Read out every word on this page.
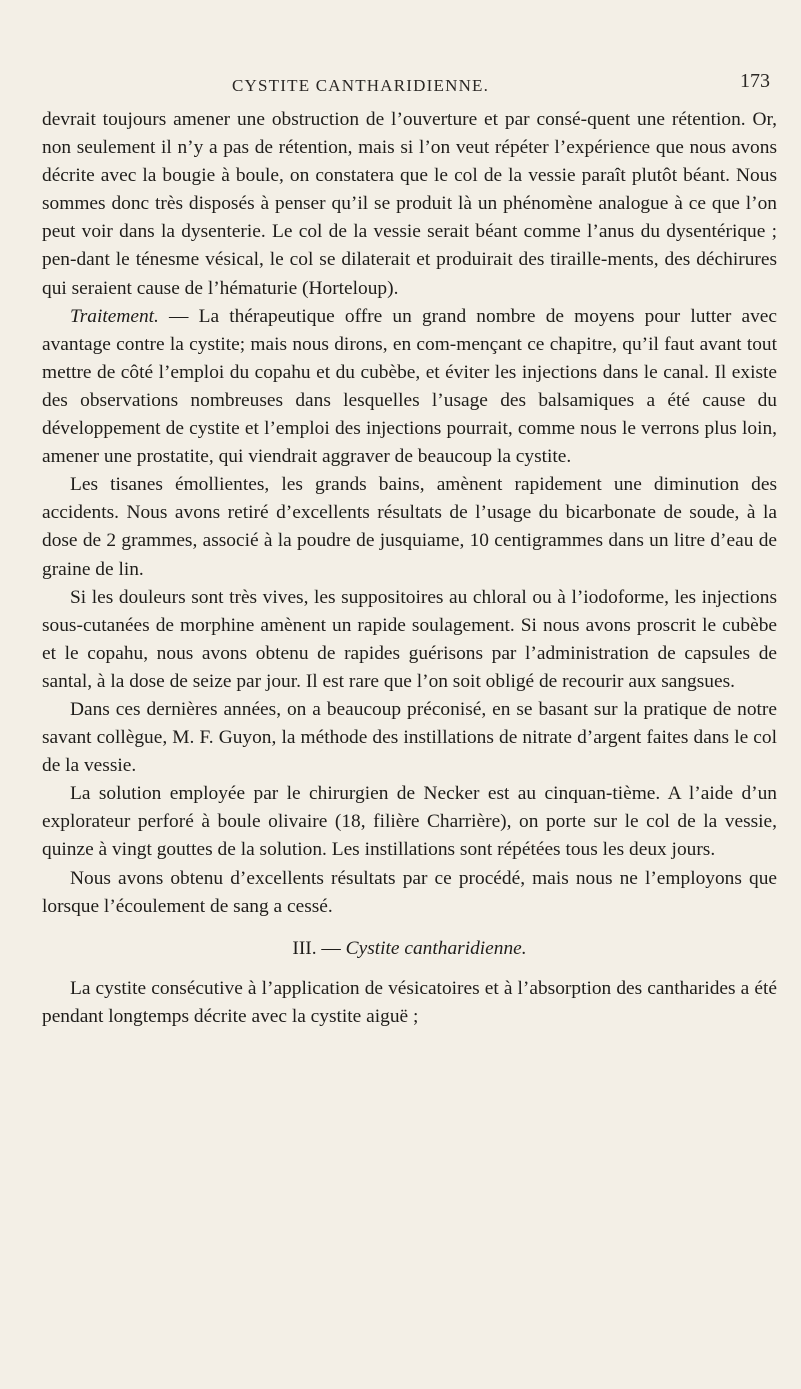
CYSTITE CANTHARIDIENNE.	173

devrait toujours amener une obstruction de l’ouverture et par consé-quent une rétention. Or, non seulement il n’y a pas de rétention, mais si l’on veut répéter l’expérience que nous avons décrite avec la bougie à boule, on constatera que le col de la vessie paraît plutôt béant. Nous sommes donc très disposés à penser qu’il se produit là un phénomène analogue à ce que l’on peut voir dans la dysenterie. Le col de la vessie serait béant comme l’anus du dysentérique ; pen-dant le ténesme vésical, le col se dilaterait et produirait des tiraille-ments, des déchirures qui seraient cause de l’hématurie (Horteloup).

Traitement. — La thérapeutique offre un grand nombre de moyens pour lutter avec avantage contre la cystite; mais nous dirons, en com-mençant ce chapitre, qu’il faut avant tout mettre de côté l’emploi du copahu et du cubèbe, et éviter les injections dans le canal. Il existe des observations nombreuses dans lesquelles l’usage des balsamiques a été cause du développement de cystite et l’emploi des injections pourrait, comme nous le verrons plus loin, amener une prostatite, qui viendrait aggraver de beaucoup la cystite.

Les tisanes émollientes, les grands bains, amènent rapidement une diminution des accidents. Nous avons retiré d’excellents résultats de l’usage du bicarbonate de soude, à la dose de 2 grammes, associé à la poudre de jusquiame, 10 centigrammes dans un litre d’eau de graine de lin.

Si les douleurs sont très vives, les suppositoires au chloral ou à l’iodoforme, les injections sous-cutanées de morphine amènent un rapide soulagement. Si nous avons proscrit le cubèbe et le copahu, nous avons obtenu de rapides guérisons par l’administration de capsules de santal, à la dose de seize par jour. Il est rare que l’on soit obligé de recourir aux sangsues.

Dans ces dernières années, on a beaucoup préconisé, en se basant sur la pratique de notre savant collègue, M. F. Guyon, la méthode des instillations de nitrate d’argent faites dans le col de la vessie.

La solution employée par le chirurgien de Necker est au cinquan-tième. A l’aide d’un explorateur perforé à boule olivaire (18, filière Charrière), on porte sur le col de la vessie, quinze à vingt gouttes de la solution. Les instillations sont répétées tous les deux jours.

Nous avons obtenu d’excellents résultats par ce procédé, mais nous ne l’employons que lorsque l’écoulement de sang a cessé.

III. — Cystite cantharidienne.

La cystite consécutive à l’application de vésicatoires et à l’absorption des cantharides a été pendant longtemps décrite avec la cystite aiguë ;
